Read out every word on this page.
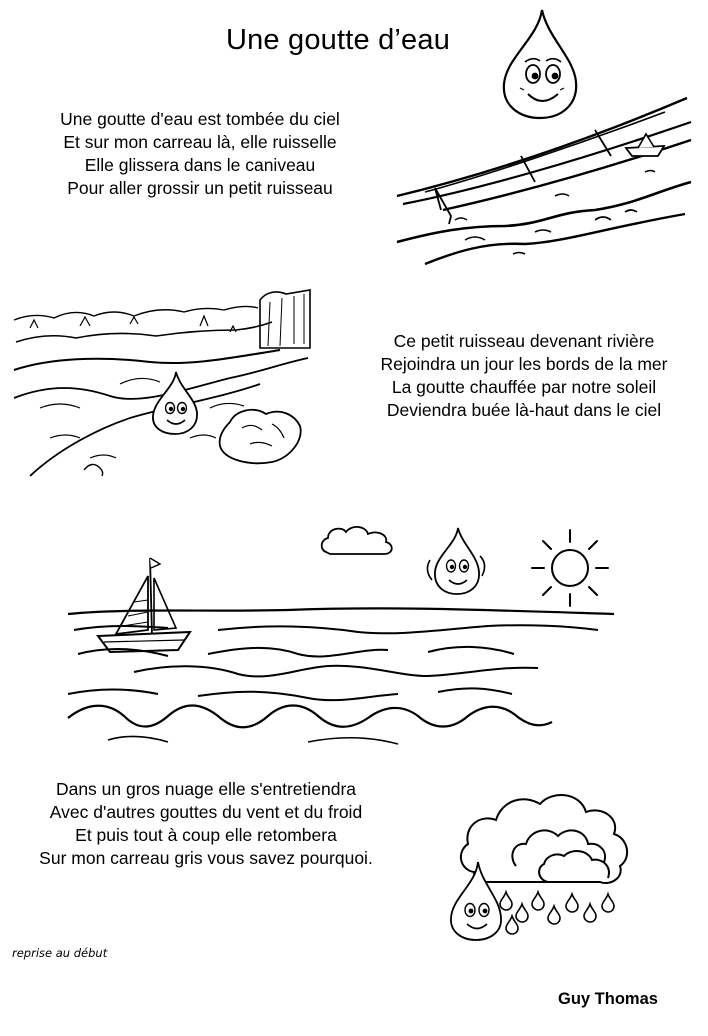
Une goutte d’eau
Une goutte d'eau est tombée du ciel
Et sur mon carreau là, elle ruisselle
Elle glissera dans le caniveau
Pour aller grossir un petit ruisseau
Ce petit ruisseau devenant rivière
Rejoindra un jour les bords de la mer
La goutte chauffée par notre soleil
Deviendra buée là-haut dans le ciel
Dans un gros nuage elle s'entretiendra
Avec d'autres gouttes du vent et du froid
Et puis tout à coup elle retombera
Sur mon carreau gris vous savez pourquoi.
reprise au début
Guy Thomas
